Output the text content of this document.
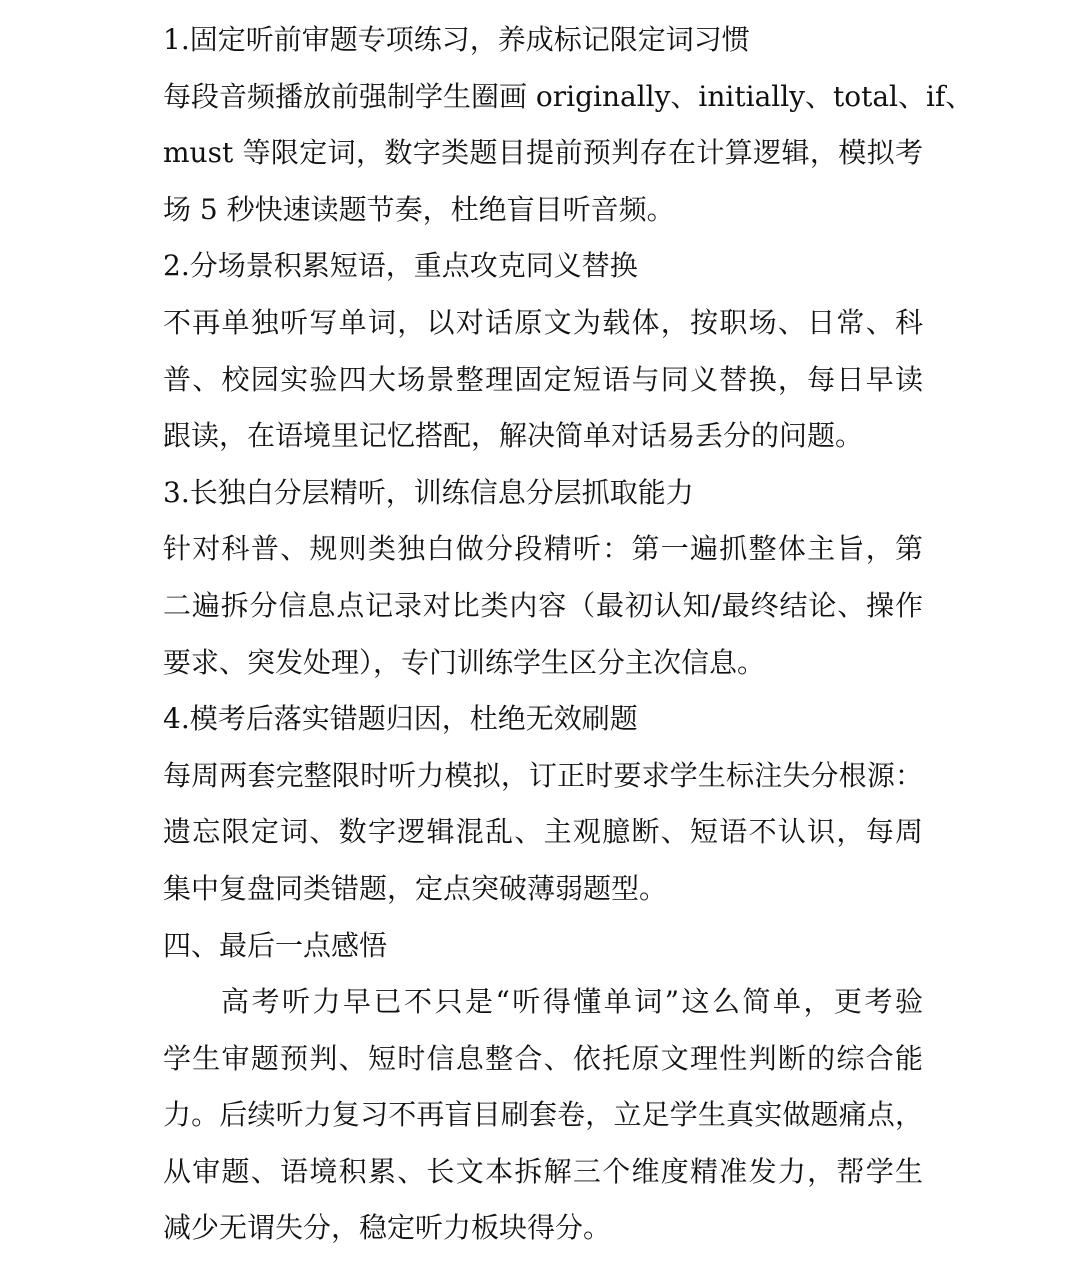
1.固定听前审题专项练习，养成标记限定词习惯
每段音频播放前强制学生圈画 originally、initially、total、if、
must 等限定词，数字类题目提前预判存在计算逻辑，模拟考
场 5 秒快速读题节奏，杜绝盲目听音频。
2.分场景积累短语，重点攻克同义替换
不再单独听写单词，以对话原文为载体，按职场、日常、科
普、校园实验四大场景整理固定短语与同义替换，每日早读
跟读，在语境里记忆搭配，解决简单对话易丢分的问题。
3.长独白分层精听，训练信息分层抓取能力
针对科普、规则类独白做分段精听：第一遍抓整体主旨，第
二遍拆分信息点记录对比类内容（最初认知/最终结论、操作
要求、突发处理），专门训练学生区分主次信息。
4.模考后落实错题归因，杜绝无效刷题
每周两套完整限时听力模拟，订正时要求学生标注失分根源：
遗忘限定词、数字逻辑混乱、主观臆断、短语不认识，每周
集中复盘同类错题，定点突破薄弱题型。
四、最后一点感悟
高考听力早已不只是“听得懂单词”这么简单，更考验
学生审题预判、短时信息整合、依托原文理性判断的综合能
力。后续听力复习不再盲目刷套卷，立足学生真实做题痛点，
从审题、语境积累、长文本拆解三个维度精准发力，帮学生
减少无谓失分，稳定听力板块得分。
